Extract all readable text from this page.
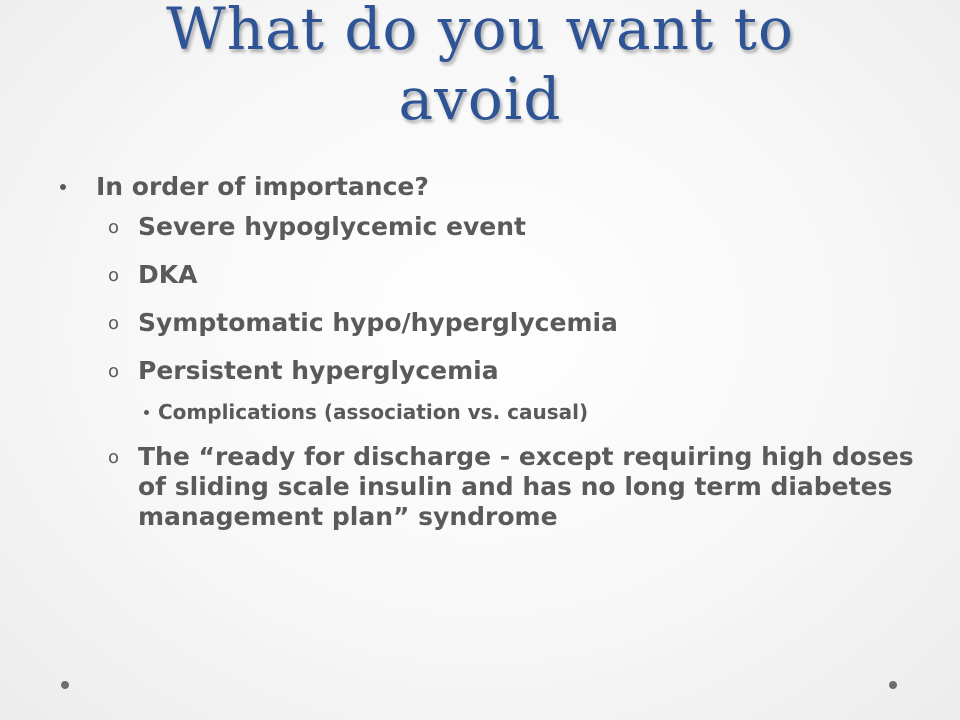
What do you want to
avoid
In order of importance?
o Severe hypoglycemic event
o DKA
o Symptomatic hypo/hyperglycemia
o Persistent hyperglycemia
Complications (association vs. causal)
o The “ready for discharge - except requiring high doses of sliding scale insulin and has no long term diabetes management plan” syndrome
